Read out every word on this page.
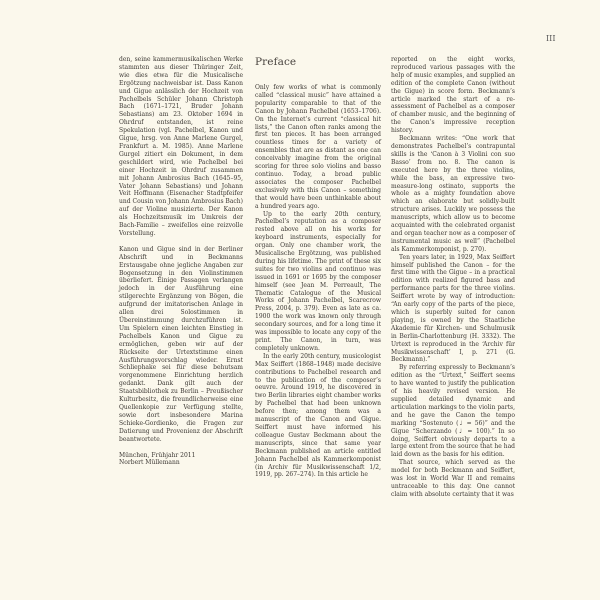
III

den, seine kammermusikalischen Werke stammten aus dieser Thüringer Zeit, wie dies etwa für die Musicalische Ergötzung nachweisbar ist. Dass Kanon und Gigue anlässlich der Hochzeit von Pachelbels Schüler Johann Christoph Bach (1671–1721, Bruder Johann Sebastians) am 23. Oktober 1694 in Ohrdruf entstanden, ist reine Spekulation (vgl. Pachelbel, Kanon und Gigue, hrsg. von Anne Marlene Gurgel, Frankfurt a. M. 1985). Anne Marlene Gurgel zitiert ein Dokument, in dem geschildert wird, wie Pachelbel bei einer Hochzeit in Ohrdruf zusammen mit Johann Ambrosius Bach (1645–95, Vater Johann Sebastians) und Johann Veit Hoffmann (Eisenacher Stadtpfeifer und Cousin von Johann Ambrosius Bach) auf der Violine musizierte. Der Kanon als Hochzeitsmusik im Umkreis der Bach-Familie – zweifellos eine reizvolle Vorstellung.

Kanon und Gigue sind in der Berliner Abschrift und in Beckmanns Erstausgabe ohne jegliche Angaben zur Bogensetzung in den Violinstimmen überliefert. Einige Passagen verlangen jedoch in der Ausführung eine stilgerechte Ergänzung von Bögen, die aufgrund der imitatorischen Anlage in allen drei Solostimmen in Übereinstimmung durchzuführen ist. Um Spielern einen leichten Einstieg in Pachelbels Kanon und Gigue zu ermöglichen, geben wir auf der Rückseite der Urtextstimme einen Ausführungsvorschlag wieder. Ernst Schliephake sei für diese behutsam vorgenommene Einrichtung herzlich gedankt. Dank gilt auch der Staatsbibliothek zu Berlin – Preußischer Kulturbesitz, die freundlicherweise eine Quellenkopie zur Verfügung stellte, sowie dort insbesondere Marina Schieke-Gordienko, die Fragen zur Datierung und Provenienz der Abschrift beantwortete.

München, Frühjahr 2011

Norbert Müllemann

Preface

Only few works of what is commonly called “classical music” have attained a popularity comparable to that of the Canon by Johann Pachelbel (1653–1706). On the Internet’s current “classical hit lists,” the Canon often ranks among the first ten pieces. It has been arranged countless times for a variety of ensembles that are as distant as one can conceivably imagine from the original scoring for three solo violins and basso continuo. Today, a broad public associates the composer Pachelbel exclusively with this Canon – something that would have been unthinkable about a hundred years ago.

Up to the early 20th century, Pachelbel’s reputation as a composer rested above all on his works for keyboard instruments, especially for organ. Only one chamber work, the Musicalische Ergötzung, was published during his lifetime. The print of these six suites for two violins and continuo was issued in 1691 or 1695 by the composer himself (see Jean M. Perreault, The Thematic Catalogue of the Musical Works of Johann Pachelbel, Scarecrow Press, 2004, p. 379). Even as late as ca. 1900 the work was known only through secondary sources, and for a long time it was impossible to locate any copy of the print. The Canon, in turn, was completely unknown.

In the early 20th century, musicologist Max Seiffert (1868–1948) made decisive contributions to Pachelbel research and to the publication of the composer’s oeuvre. Around 1919, he discovered in two Berlin libraries eight chamber works by Pachelbel that had been unknown before then; among them was a manuscript of the Canon and Gigue. Seiffert must have informed his colleague Gustav Beckmann about the manuscripts, since that same year Beckmann published an article entitled Johann Pachelbel als Kammerkomponist (in Archiv für Musikwissenschaft 1/2, 1919, pp. 267–274). In this article he

reported on the eight works, reproduced various passages with the help of music examples, and supplied an edition of the complete Canon (without the Gigue) in score form. Beckmann’s article marked the start of a re-assessment of Pachelbel as a composer of chamber music, and the beginning of the Canon’s impressive reception history.

Beckmann writes: “One work that demonstrates Pachelbel’s contrapuntal skills is the ‘Canon à 3 Violini con suo Basso’ from no. 8. The canon is executed here by the three violins, while the bass, an expressive two-measure-long ostinato, supports the whole as a mighty foundation above which an elaborate but solidly-built structure arises. Luckily we possess the manuscripts, which allow us to become acquainted with the celebrated organist and organ teacher now as a composer of instrumental music as well” (Pachelbel als Kammerkomponist, p. 270).

Ten years later, in 1929, Max Seiffert himself published the Canon – for the first time with the Gigue – in a practical edition with realized figured bass and performance parts for the three violins. Seiffert wrote by way of introduction: “An early copy of the parts of the piece, which is superbly suited for canon playing, is owned by the Staatliche Akademie für Kirchen- und Schulmusik in Berlin-Charlottenburg (H. 3332). The Urtext is reproduced in the ‘Archiv für Musikwissenschaft’ I, p. 271 (G. Beckmann).”

By referring expressly to Beckmann’s edition as the “Urtext,” Seiffert seems to have wanted to justify the publication of his heavily revised version. He supplied detailed dynamic and articulation markings to the violin parts, and he gave the Canon the tempo marking “Sostenuto (♩ = 56)” and the Gigue “Scherzando (♩ = 100).” In so doing, Seiffert obviously departs to a large extent from the source that he had laid down as the basis for his edition.

That source, which served as the model for both Beckmann and Seiffert, was lost in World War II and remains untraceable to this day. One cannot claim with absolute certainty that it was
